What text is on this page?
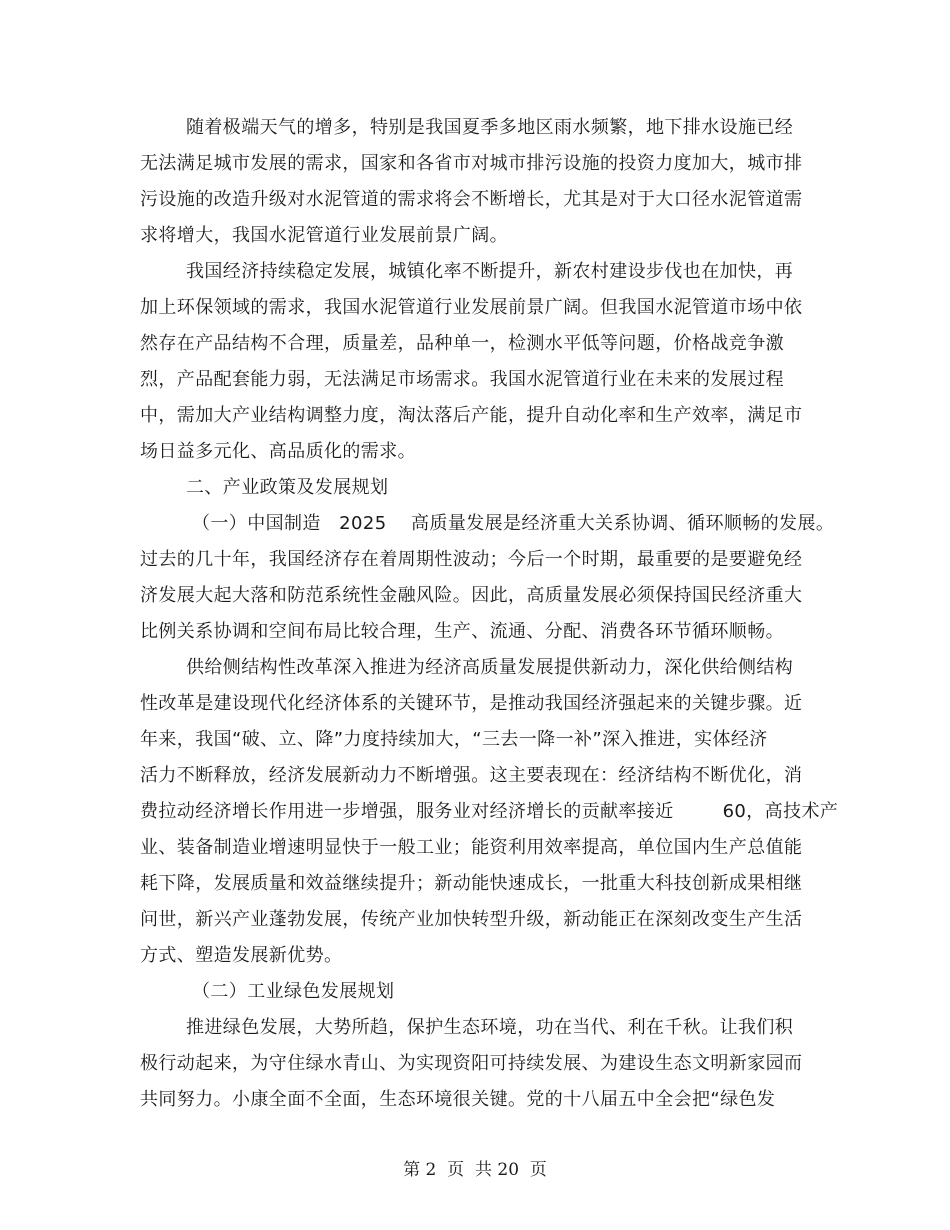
随着极端天气的增多，特别是我国夏季多地区雨水频繁，地下排水设施已经
无法满足城市发展的需求，国家和各省市对城市排污设施的投资力度加大，城市排
污设施的改造升级对水泥管道的需求将会不断增长，尤其是对于大口径水泥管道需
求将增大，我国水泥管道行业发展前景广阔。
我国经济持续稳定发展，城镇化率不断提升，新农村建设步伐也在加快，再
加上环保领域的需求，我国水泥管道行业发展前景广阔。但我国水泥管道市场中依
然存在产品结构不合理，质量差，品种单一，检测水平低等问题，价格战竞争激
烈，产品配套能力弱，无法满足市场需求。我国水泥管道行业在未来的发展过程
中，需加大产业结构调整力度，淘汰落后产能，提升自动化率和生产效率，满足市
场日益多元化、高品质化的需求。
二、产业政策及发展规划
（一）中国制造   2025    高质量发展是经济重大关系协调、循环顺畅的发展。
过去的几十年，我国经济存在着周期性波动；今后一个时期，最重要的是要避免经
济发展大起大落和防范系统性金融风险。因此，高质量发展必须保持国民经济重大
比例关系协调和空间布局比较合理，生产、流通、分配、消费各环节循环顺畅。
供给侧结构性改革深入推进为经济高质量发展提供新动力，深化供给侧结构
性改革是建设现代化经济体系的关键环节，是推动我国经济强起来的关键步骤。近
年来，我国“破、立、降”力度持续加大，“三去一降一补”深入推进，实体经济
活力不断释放，经济发展新动力不断增强。这主要表现在：经济结构不断优化，消
费拉动经济增长作用进一步增强，服务业对经济增长的贡献率接近        60，高技术产
业、装备制造业增速明显快于一般工业；能资利用效率提高，单位国内生产总值能
耗下降，发展质量和效益继续提升；新动能快速成长，一批重大科技创新成果相继
问世，新兴产业蓬勃发展，传统产业加快转型升级，新动能正在深刻改变生产生活
方式、塑造发展新优势。
（二）工业绿色发展规划
推进绿色发展，大势所趋，保护生态环境，功在当代、利在千秋。让我们积
极行动起来，为守住绿水青山、为实现资阳可持续发展、为建设生态文明新家园而
共同努力。小康全面不全面，生态环境很关键。党的十八届五中全会把“绿色发
第 2  页  共 20  页
